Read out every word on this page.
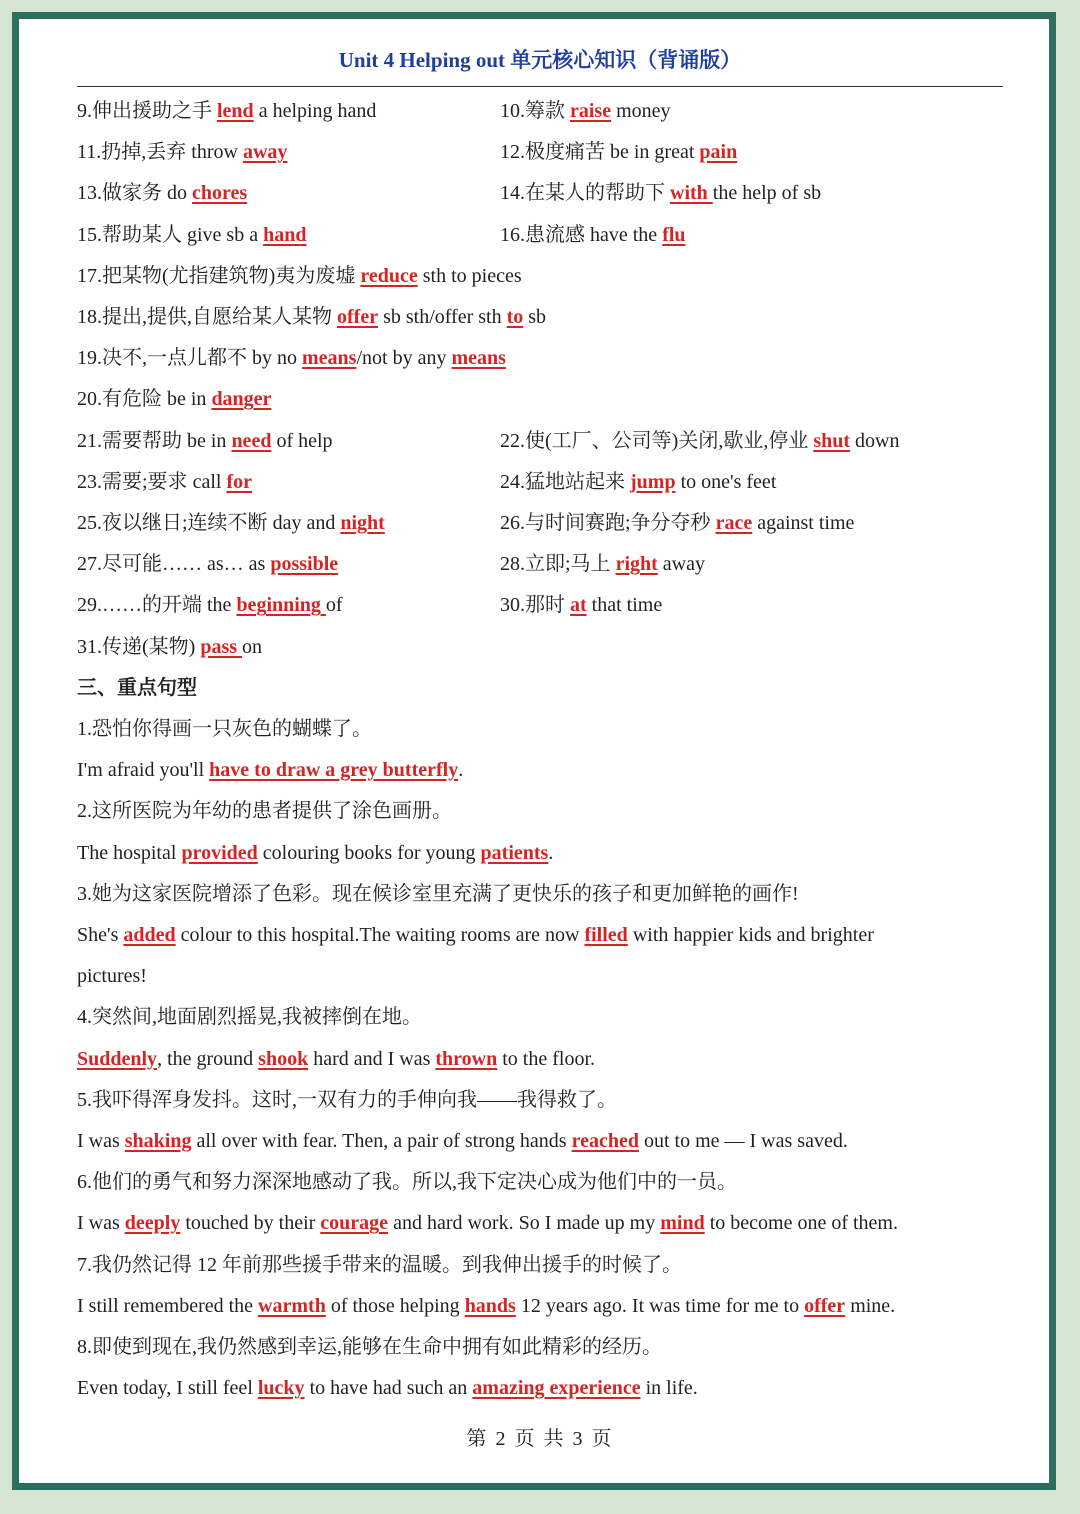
Unit 4 Helping out 单元核心知识（背诵版）
9.伸出援助之手 lend a helping hand	10.筹款 raise money
11.扔掉,丢弃 throw away	12.极度痛苦 be in great pain
13.做家务 do chores	14.在某人的帮助下 with the help of sb
15.帮助某人 give sb a hand	16.患流感 have the flu
17.把某物(尤指建筑物)夷为废墟 reduce sth to pieces
18.提出,提供,自愿给某人某物 offer sb sth/offer sth to sb
19.决不,一点儿都不 by no means/not by any means
20.有危险 be in danger
21.需要帮助 be in need of help	22.使(工厂、公司等)关闭,歇业,停业 shut down
23.需要;要求 call for	24.猛地站起来 jump to one's feet
25.夜以继日;连续不断 day and night	26.与时间赛跑;争分夺秒 race against time
27.尽可能…… as… as possible	28.立即;马上 right away
29.……的开端 the beginning of	30.那时 at that time
31.传递(某物) pass on
三、重点句型
1.恐怕你得画一只灰色的蝴蝶了。
I'm afraid you'll have to draw a grey butterfly.
2.这所医院为年幼的患者提供了涂色画册。
The hospital provided colouring books for young patients.
3.她为这家医院增添了色彩。现在候诊室里充满了更快乐的孩子和更加鲜艳的画作!
She's added colour to this hospital.The waiting rooms are now filled with happier kids and brighter
pictures!
4.突然间,地面剧烈摇晃,我被摔倒在地。
Suddenly, the ground shook hard and I was thrown to the floor.
5.我吓得浑身发抖。这时,一双有力的手伸向我——我得救了。
I was shaking all over with fear. Then, a pair of strong hands reached out to me — I was saved.
6.他们的勇气和努力深深地感动了我。所以,我下定决心成为他们中的一员。
I was deeply touched by their courage and hard work. So I made up my mind to become one of them.
7.我仍然记得 12 年前那些援手带来的温暖。到我伸出援手的时候了。
I still remembered the warmth of those helping hands 12 years ago. It was time for me to offer mine.
8.即使到现在,我仍然感到幸运,能够在生命中拥有如此精彩的经历。
Even today, I still feel lucky to have had such an amazing experience in life.
第 2 页 共 3 页
